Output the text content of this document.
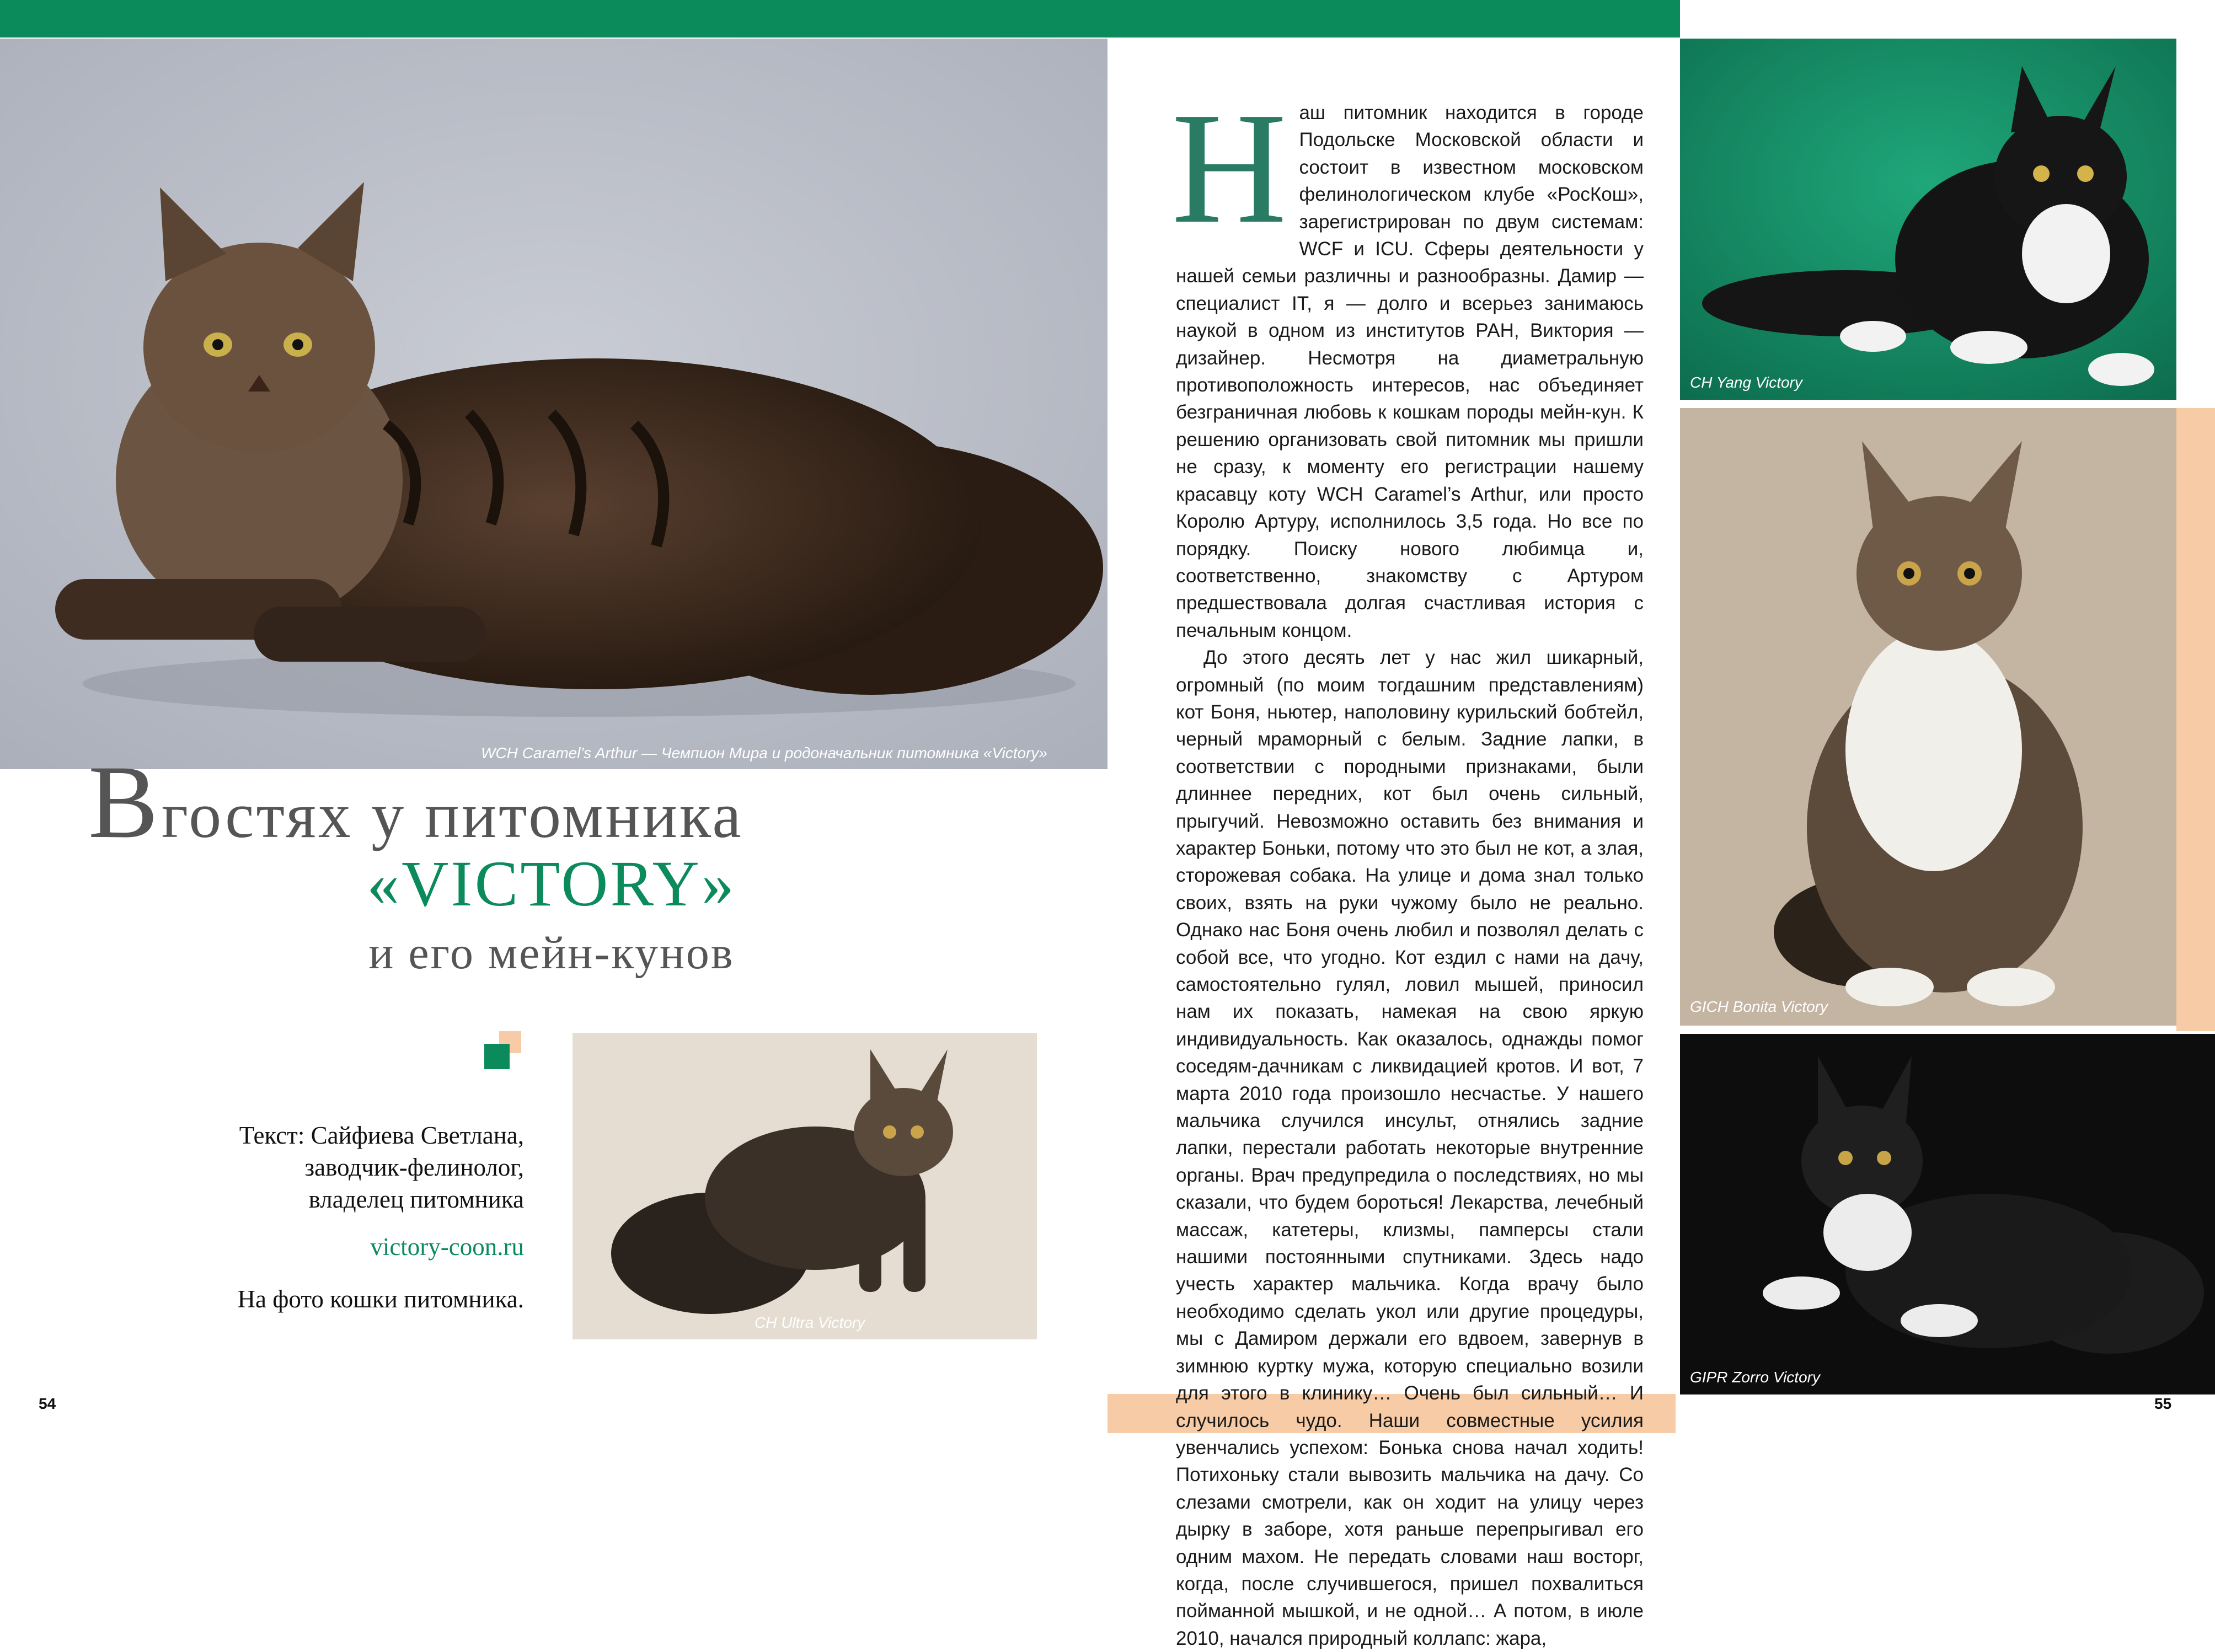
WCH Caramel’s Arthur — Чемпион Мира и родоначальник питомника «Victory»
CH Yang Victory
GICH Bonita Victory
GIPR Zorro Victory
CH Ultra Victory
В гостях у питомника
«VICTORY»
и его мейн-кунов
Текст: Сайфиева Светлана,
заводчик-фелинолог,
владелец питомника
victory-coon.ru
На фото кошки питомника.
Н аш питомник находится в городе Подольске Московской области и состоит в известном московском фелинологическом клубе «РосКош», зарегистрирован по двум системам: WCF и ICU. Сферы деятельности у нашей семьи различны и разнообразны. Дамир — специалист IT, я — долго и всерьез занимаюсь наукой в одном из институтов РАН, Виктория — дизайнер. Несмотря на диаметральную противоположность интересов, нас объединяет безграничная любовь к кошкам породы мейн-кун. К решению организовать свой питомник мы пришли не сразу, к моменту его регистрации нашему красавцу коту WCH Caramel’s Arthur, или просто Королю Артуру, исполнилось 3,5 года. Но все по порядку. Поиску нового любимца и, соответственно, знакомству с Артуром предшествовала долгая счастливая история с печальным концом.

До этого десять лет у нас жил шикарный, огромный (по моим тогдашним представлениям) кот Боня, ньютер, наполовину курильский бобтейл, черный мраморный с белым. Задние лапки, в соответствии с породными признаками, были длиннее передних, кот был очень сильный, прыгучий. Невозможно оставить без внимания и характер Боньки, потому что это был не кот, а злая, сторожевая собака. На улице и дома знал только своих, взять на руки чужому было не реально. Однако нас Боня очень любил и позволял делать с собой все, что угодно. Кот ездил с нами на дачу, самостоятельно гулял, ловил мышей, приносил нам их показать, намекая на свою яркую индивидуальность. Как оказалось, однажды помог соседям-дачникам с ликвидацией кротов. И вот, 7 марта 2010 года произошло несчастье. У нашего мальчика случился инсульт, отнялись задние лапки, перестали работать некоторые внутренние органы. Врач предупредила о последствиях, но мы сказали, что будем бороться! Лекарства, лечебный массаж, катетеры, клизмы, памперсы стали нашими постоянными спутниками. Здесь надо учесть характер мальчика. Когда врачу было необходимо сделать укол или другие процедуры, мы с Дамиром держали его вдвоем, завернув в зимнюю куртку мужа, которую специально возили для этого в клинику… Очень был сильный… И случилось чудо. Наши совместные усилия увенчались успехом: Бонька снова начал ходить! Потихоньку стали вывозить мальчика на дачу. Со слезами смотрели, как он ходит на улицу через дырку в заборе, хотя раньше перепрыгивал его одним махом. Не передать словами наш восторг, когда, после случившегося, пришел похвалиться пойманной мышкой, и не одной… А потом, в июле 2010, начался природный коллапс: жара,

54	55
